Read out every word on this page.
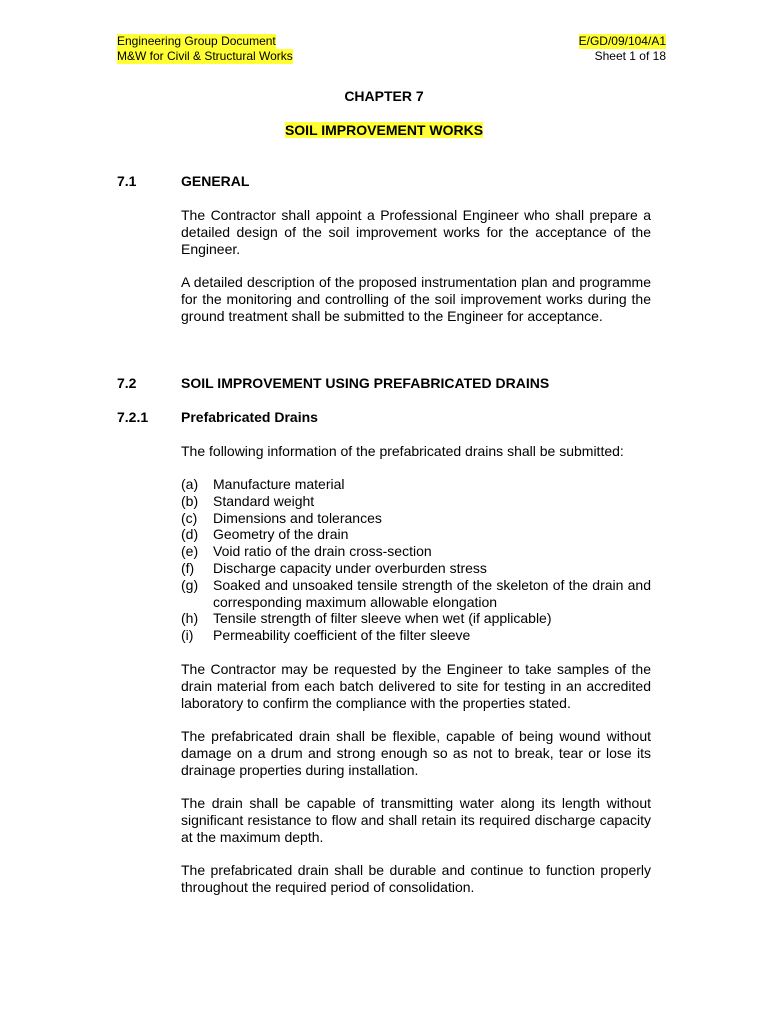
Engineering Group Document
M&W for Civil & Structural Works
E/GD/09/104/A1
Sheet 1 of 18
CHAPTER 7
SOIL IMPROVEMENT WORKS
7.1	GENERAL

The Contractor shall appoint a Professional Engineer who shall prepare a detailed design of the soil improvement works for the acceptance of the Engineer.

A detailed description of the proposed instrumentation plan and programme for the monitoring and controlling of the soil improvement works during the ground treatment shall be submitted to the Engineer for acceptance.

7.2	SOIL IMPROVEMENT USING PREFABRICATED DRAINS
7.2.1 Prefabricated Drains

The following information of the prefabricated drains shall be submitted:

(a)	Manufacture material
(b)	Standard weight
(c)	Dimensions and tolerances
(d)	Geometry of the drain
(e)	Void ratio of the drain cross-section
(f)	Discharge capacity under overburden stress
(g)	Soaked and unsoaked tensile strength of the skeleton of the drain and corresponding maximum allowable elongation
(h)	Tensile strength of filter sleeve when wet (if applicable)
(i)	Permeability coefficient of the filter sleeve

The Contractor may be requested by the Engineer to take samples of the drain material from each batch delivered to site for testing in an accredited laboratory to confirm the compliance with the properties stated.

The prefabricated drain shall be flexible, capable of being wound without damage on a drum and strong enough so as not to break, tear or lose its drainage properties during installation.

The drain shall be capable of transmitting water along its length without significant resistance to flow and shall retain its required discharge capacity at the maximum depth.

The prefabricated drain shall be durable and continue to function properly throughout the required period of consolidation.
